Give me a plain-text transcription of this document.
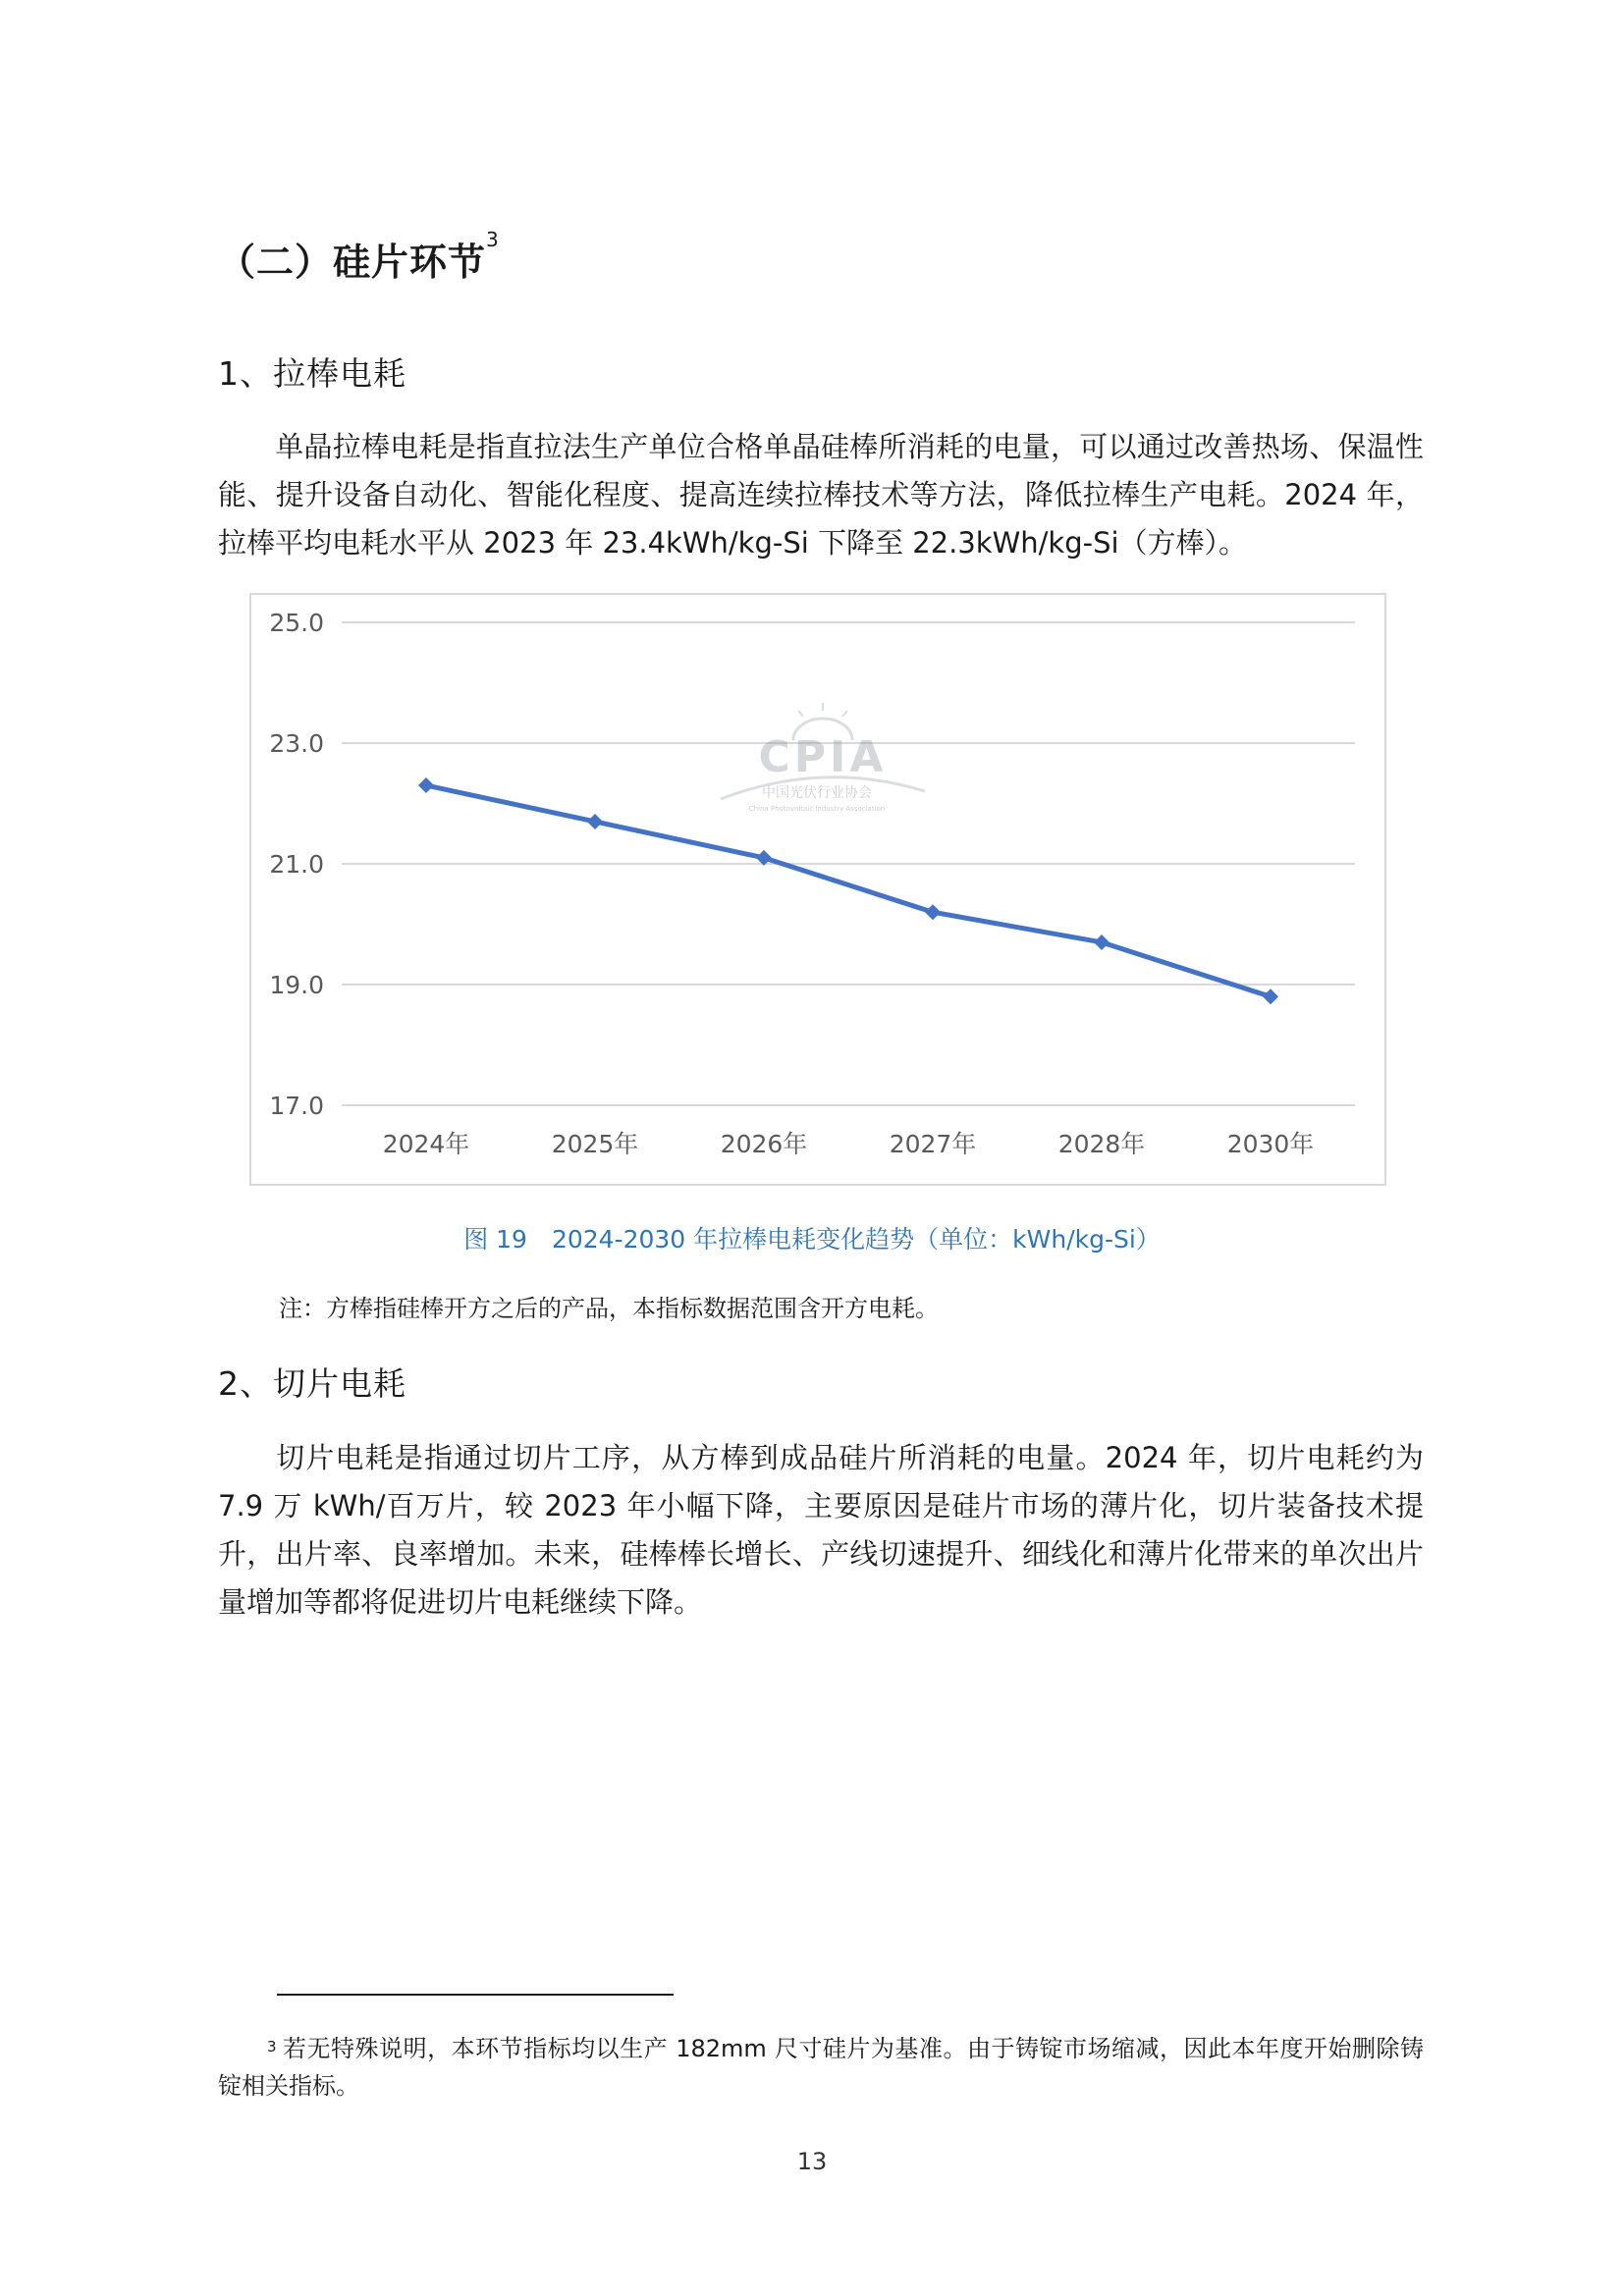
（二）硅片环节$^3$
1、拉棒电耗
单晶拉棒电耗是指直拉法生产单位合格单晶硅棒所消耗的电量，可以通过改善热场、保温性能、提升设备自动化、智能化程度、提高连续拉棒技术等方法，降低拉棒生产电耗。2024 年，拉棒平均电耗水平从 2023 年 23.4kWh/kg-Si 下降至 22.3kWh/kg-Si（方棒）。
25.0
23.0
21.0
19.0
17.0
2024年	2025年	2026年	2027年	2028年	2030年
CPIA
中国光伏行业协会
China Photovoltaic Industry Association
图 19　2024-2030 年拉棒电耗变化趋势（单位：kWh/kg-Si）
注：方棒指硅棒开方之后的产品，本指标数据范围含开方电耗。
2、切片电耗
切片电耗是指通过切片工序，从方棒到成品硅片所消耗的电量。2024 年，切片电耗约为 7.9 万 kWh/百万片，较 2023 年小幅下降，主要原因是硅片市场的薄片化，切片装备技术提升，出片率、良率增加。未来，硅棒棒长增长、产线切速提升、细线化和薄片化带来的单次出片量增加等都将促进切片电耗继续下降。
$^3$ 若无特殊说明，本环节指标均以生产 182mm 尺寸硅片为基准。由于铸锭市场缩减，因此本年度开始删除铸锭相关指标。
13
